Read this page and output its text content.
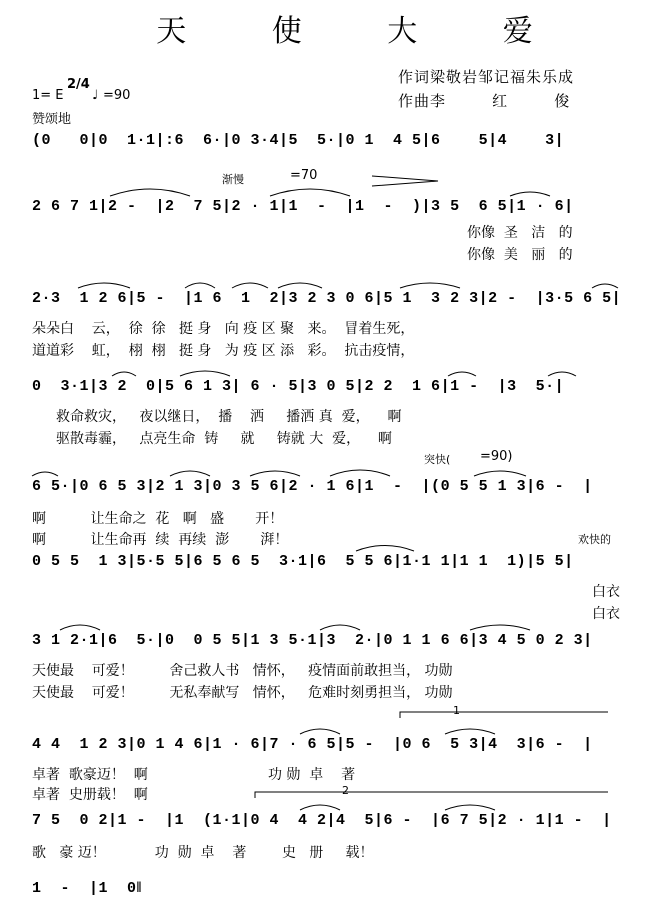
天 使 大 爱
作词梁敬岩邹记福朱乐成
作曲李        红        俊
1= E
2/4
♩ =90
赞颂地
渐慢	=70
突快( =90)
欢快的
1
2
(0   0|0  1·1|:6  6·|0 3·4|5  5·|0 1  4 5|6    5|4    3|
2 6 7 1|2 -  |2  7 5|2 · 1|1  -  |1  -  )|3 5  6 5|1 · 6|
你像  圣   洁   的
你像  美   丽   的
2·3  1 2 6|5 -  |1 6  1  2|3 2 3 0 6|5 1  3 2 3|2 -  |3·5 6 5|
朵朵白    云，  徐  徐   挺 身   向 疫 区 聚   来。  冒着生死，
道道彩    虹，  栩  栩   挺 身   为 疫 区 添   彩。  抗击疫情，
0  3·1|3 2  0|5 6 1 3| 6 · 5|3 0 5|2 2  1 6|1 -  |3  5·|
救命救灾，   夜以继日，  播    洒     播洒 真  爱，    啊
驱散毒霾，   点亮生命  铸     就     铸就 大  爱，    啊
6 5·|0 6 5 3|2 1 3|0 3 5 6|2 · 1 6|1  -  |(0 5 5 1 3|6 -  |
啊          让生命之  花   啊   盛       开！
啊          让生命再  续  再续  澎       湃！
0 5 5  1 3|5·5 5|6 5 6 5  3·1|6  5 5 6|1·1 1|1 1  1)|5 5|
白衣
白衣
3 1 2·1|6  5·|0  0 5 5|1 3 5·1|3  2·|0 1 1 6 6|3 4 5 0 2 3|
天使最    可爱！        舍己救人书   情怀，   疫情面前敢担当， 功勋
天使最    可爱！        无私奉献写   情怀，   危难时刻勇担当， 功勋
4 4  1 2 3|0 1 4 6|1 · 6|7 · 6 5|5 -  |0 6  5 3|4  3|6 -  |
卓著  歌豪迈！  啊                           功 勋  卓    著
卓著  史册载！  啊
7 5  0 2|1 -  |1  (1·1|0 4  4 2|4  5|6 -  |6 7 5|2 · 1|1 -  |
歌   豪 迈！           功  勋  卓    著        史   册     载！
1  -  |1  0‖
